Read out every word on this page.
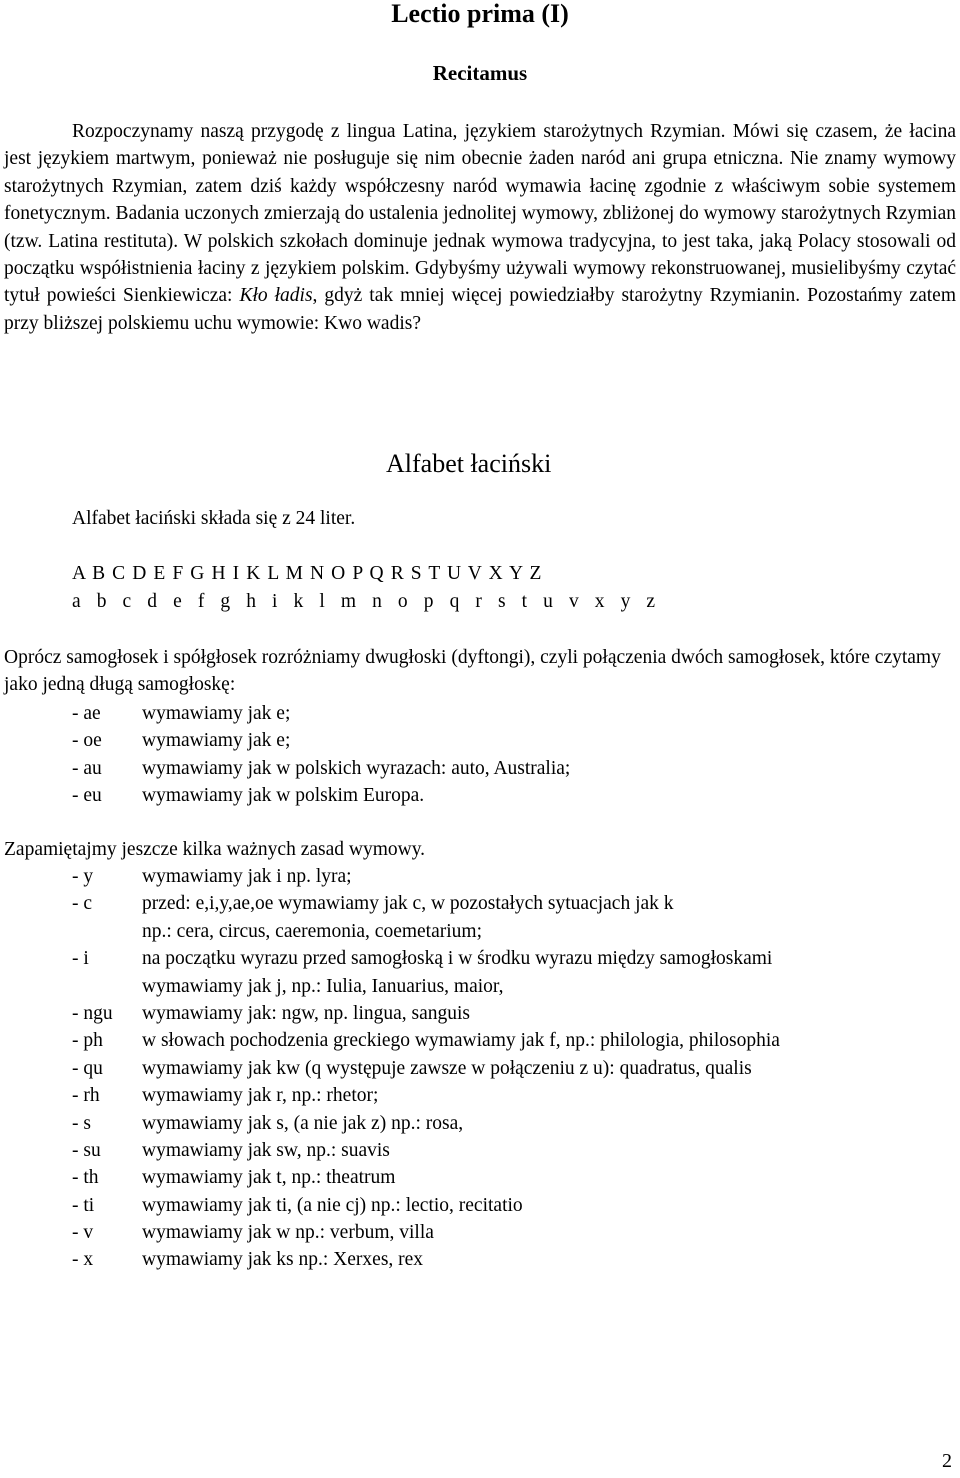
Lectio prima (I)
Recitamus

Rozpoczynamy naszą przygodę z lingua Latina, językiem starożytnych Rzymian. Mówi się czasem, że łacina jest językiem martwym, ponieważ nie posługuje się nim obecnie żaden naród ani grupa etniczna. Nie znamy wymowy starożytnych Rzymian, zatem dziś każdy współczesny naród wymawia łacinę zgodnie z właściwym sobie systemem fonetycznym. Badania uczonych zmierzają do ustalenia jednolitej wymowy, zbliżonej do wymowy starożytnych Rzymian (tzw. Latina restituta). W polskich szkołach dominuje jednak wymowa tradycyjna, to jest taka, jaką Polacy stosowali od początku współistnienia łaciny z językiem polskim. Gdybyśmy używali wymowy rekonstruowanej, musielibyśmy czytać tytuł powieści Sienkiewicza: Kło ładis, gdyż tak mniej więcej powiedziałby starożytny Rzymianin. Pozostańmy zatem przy bliższej polskiemu uchu wymowie: Kwo wadis?

Alfabet łaciński
Alfabet łaciński składa się z 24 liter.
A B C D E F G H I K L M N O P Q R S T U V X Y Z
a b c d e f g h i k l m n o p q r s t u v x y z

Oprócz samogłosek i spółgłosek rozróżniamy dwugłoski (dyftongi), czyli połączenia dwóch samogłosek, które czytamy jako jedną długą samogłoskę:

- ae wymawiamy jak e;
- oe wymawiamy jak e;
- au wymawiamy jak w polskich wyrazach: auto, Australia;
- eu wymawiamy jak w polskim Europa.

Zapamiętajmy jeszcze kilka ważnych zasad wymowy.

- y	wymawiamy jak i np. lyra;
- c	przed: e,i,y,ae,oe wymawiamy jak c, w pozostałych sytuacjach jak k
np.: cera, circus, caeremonia, coemetarium;
- i	na początku wyrazu przed samogłoską i w środku wyrazu między samogłoskami
wymawiamy jak j, np.: Iulia, Ianuarius, maior,
- ngu wymawiamy jak: ngw, np. lingua, sanguis
- ph w słowach pochodzenia greckiego wymawiamy jak f, np.: philologia, philosophia
- qu wymawiamy jak kw (q występuje zawsze w połączeniu z u): quadratus, qualis
- rh wymawiamy jak r, np.: rhetor;
- s	wymawiamy jak s, (a nie jak z) np.: rosa,
- su wymawiamy jak sw, np.: suavis
- th wymawiamy jak t, np.: theatrum
- ti wymawiamy jak ti, (a nie cj) np.: lectio, recitatio
- v	wymawiamy jak w np.: verbum, villa
- x	wymawiamy jak ks np.: Xerxes, rex
2
